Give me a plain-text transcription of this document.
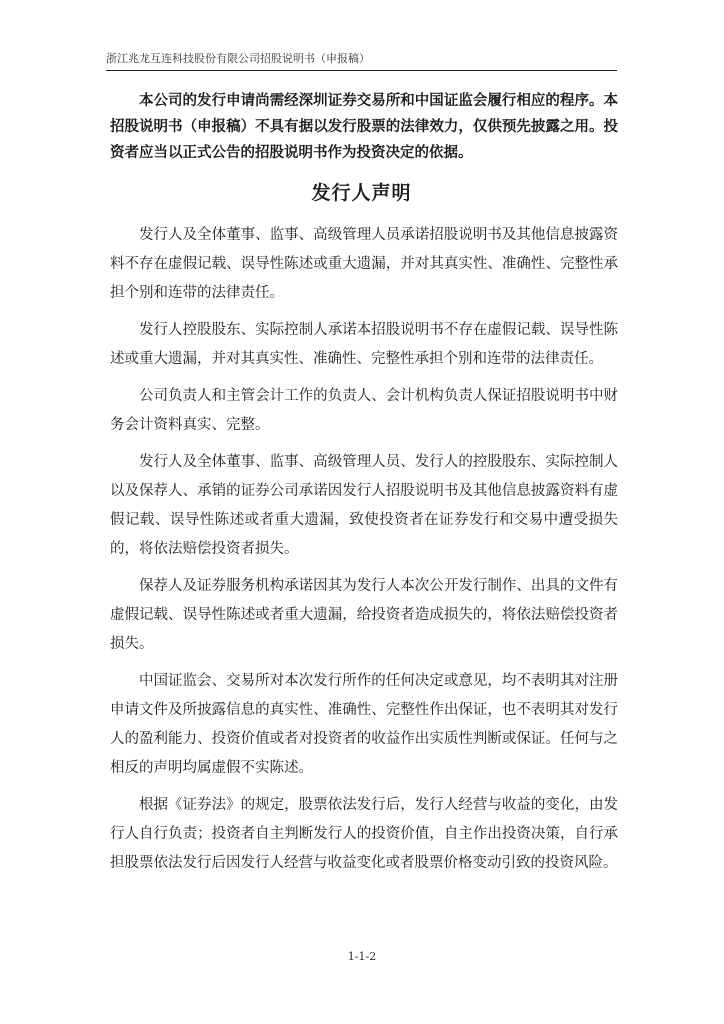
浙江兆龙互连科技股份有限公司招股说明书（申报稿）
本公司的发行申请尚需经深圳证券交易所和中国证监会履行相应的程序。本招股说明书（申报稿）不具有据以发行股票的法律效力，仅供预先披露之用。投资者应当以正式公告的招股说明书作为投资决定的依据。
发行人声明

发行人及全体董事、监事、高级管理人员承诺招股说明书及其他信息披露资料不存在虚假记载、误导性陈述或重大遗漏，并对其真实性、准确性、完整性承担个别和连带的法律责任。

发行人控股股东、实际控制人承诺本招股说明书不存在虚假记载、误导性陈述或重大遗漏，并对其真实性、准确性、完整性承担个别和连带的法律责任。

公司负责人和主管会计工作的负责人、会计机构负责人保证招股说明书中财务会计资料真实、完整。

发行人及全体董事、监事、高级管理人员、发行人的控股股东、实际控制人以及保荐人、承销的证券公司承诺因发行人招股说明书及其他信息披露资料有虚假记载、误导性陈述或者重大遗漏，致使投资者在证券发行和交易中遭受损失的，将依法赔偿投资者损失。

保荐人及证券服务机构承诺因其为发行人本次公开发行制作、出具的文件有虚假记载、误导性陈述或者重大遗漏，给投资者造成损失的，将依法赔偿投资者损失。

中国证监会、交易所对本次发行所作的任何决定或意见，均不表明其对注册申请文件及所披露信息的真实性、准确性、完整性作出保证，也不表明其对发行人的盈利能力、投资价值或者对投资者的收益作出实质性判断或保证。任何与之相反的声明均属虚假不实陈述。

根据《证券法》的规定，股票依法发行后，发行人经营与收益的变化，由发行人自行负责；投资者自主判断发行人的投资价值，自主作出投资决策，自行承担股票依法发行后因发行人经营与收益变化或者股票价格变动引致的投资风险。

1-1-2
